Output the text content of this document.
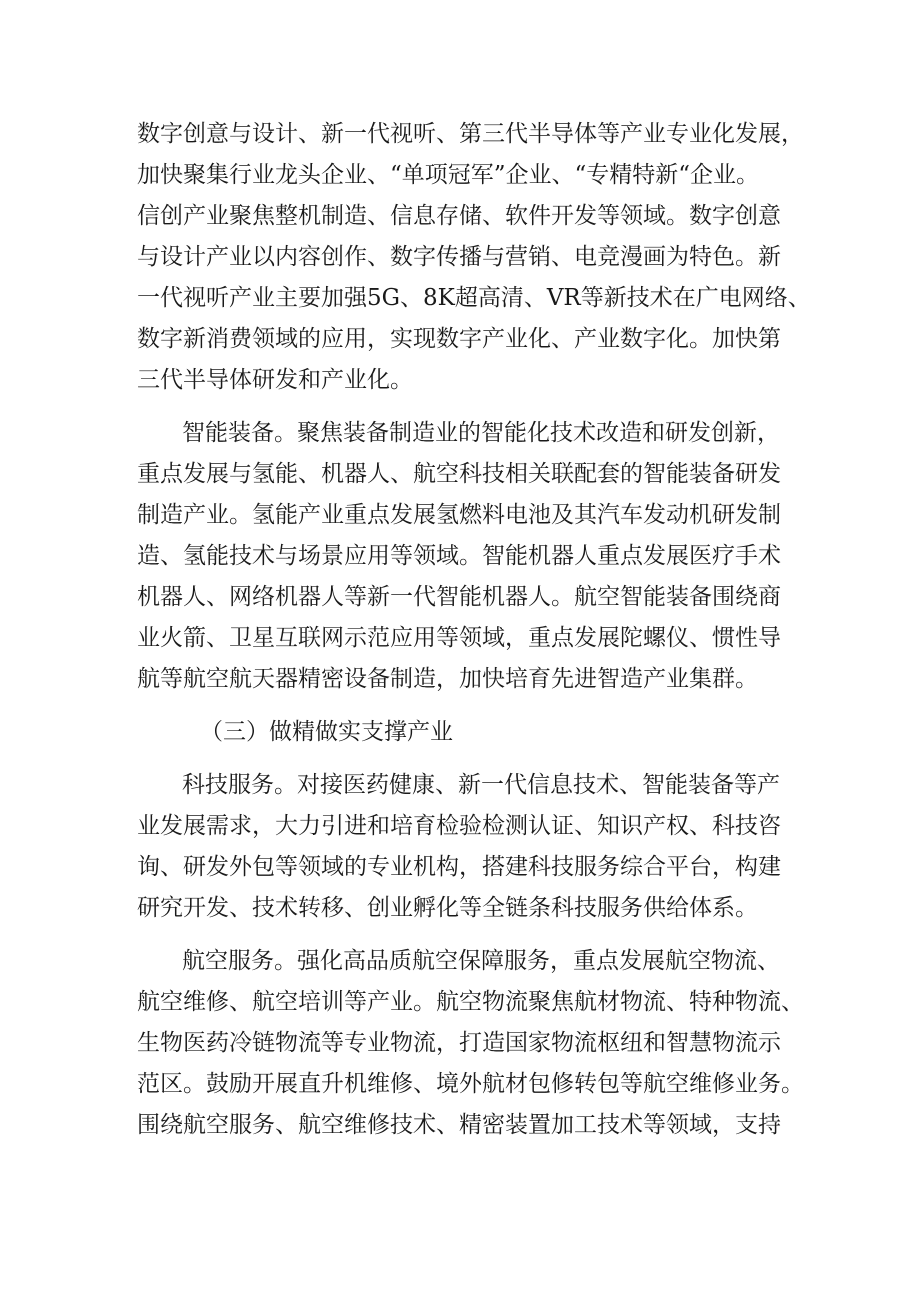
数字创意与设计、新一代视听、第三代半导体等产业专业化发展，
加快聚集行业龙头企业、“单项冠军”企业、“专精特新“企业。
信创产业聚焦整机制造、信息存储、软件开发等领域。数字创意
与设计产业以内容创作、数字传播与营销、电竞漫画为特色。新
一代视听产业主要加强5G、8K超高清、VR等新技术在广电网络、
数字新消费领域的应用，实现数字产业化、产业数字化。加快第
三代半导体研发和产业化。
智能装备。聚焦装备制造业的智能化技术改造和研发创新，
重点发展与氢能、机器人、航空科技相关联配套的智能装备研发
制造产业。氢能产业重点发展氢燃料电池及其汽车发动机研发制
造、氢能技术与场景应用等领域。智能机器人重点发展医疗手术
机器人、网络机器人等新一代智能机器人。航空智能装备围绕商
业火箭、卫星互联网示范应用等领域，重点发展陀螺仪、惯性导
航等航空航天器精密设备制造，加快培育先进智造产业集群。
（三）做精做实支撑产业
科技服务。对接医药健康、新一代信息技术、智能装备等产
业发展需求，大力引进和培育检验检测认证、知识产权、科技咨
询、研发外包等领域的专业机构，搭建科技服务综合平台，构建
研究开发、技术转移、创业孵化等全链条科技服务供给体系。
航空服务。强化高品质航空保障服务，重点发展航空物流、
航空维修、航空培训等产业。航空物流聚焦航材物流、特种物流、
生物医药冷链物流等专业物流，打造国家物流枢纽和智慧物流示
范区。鼓励开展直升机维修、境外航材包修转包等航空维修业务。
围绕航空服务、航空维修技术、精密装置加工技术等领域，支持
